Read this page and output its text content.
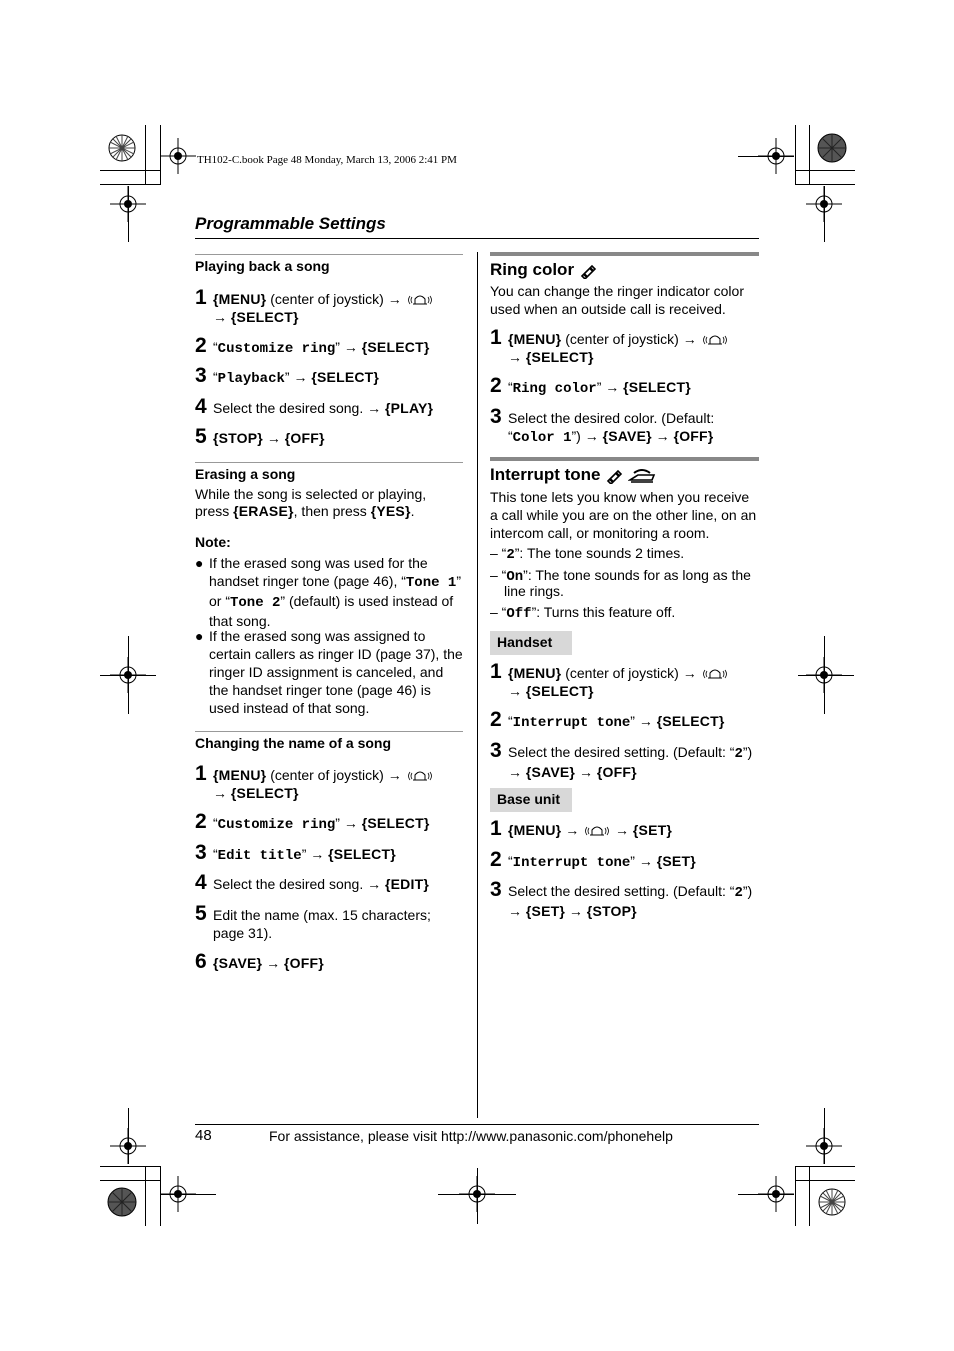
TH102-C.book Page 48 Monday, March 13, 2006 2:41 PM
Programmable Settings
Playing back a song
1 {MENU} (center of joystick) →
→ {SELECT}
2 “Customize ring” → {SELECT}
3 “Playback” → {SELECT}
4 Select the desired song. → {PLAY}
5 {STOP} → {OFF}
Erasing a song
While the song is selected or playing,
press {ERASE}, then press {YES}.
Note:
● If the erased song was used for the
handset ringer tone (page 46), “Tone 1”
or “Tone 2” (default) is used instead of
that song.
● If the erased song was assigned to
certain callers as ringer ID (page 37), the
ringer ID assignment is canceled, and
the handset ringer tone (page 46) is
used instead of that song.
Changing the name of a song
1 {MENU} (center of joystick) →
→ {SELECT}
2 “Customize ring” → {SELECT}
3 “Edit title” → {SELECT}
4 Select the desired song. → {EDIT}
5 Edit the name (max. 15 characters;
page 31).
6 {SAVE} → {OFF}
Ring color
You can change the ringer indicator color
used when an outside call is received.
1 {MENU} (center of joystick) →
→ {SELECT}
2 “Ring color” → {SELECT}
3 Select the desired color. (Default:
“Color 1”) → {SAVE} → {OFF}
Interrupt tone
This tone lets you know when you receive
a call while you are on the other line, on an
intercom call, or monitoring a room.
– “2”: The tone sounds 2 times.
– “On”: The tone sounds for as long as the
line rings.
– “Off”: Turns this feature off.
Handset
1 {MENU} (center of joystick) →
→ {SELECT}
2 “Interrupt tone” → {SELECT}
3 Select the desired setting. (Default: “2”)
→ {SAVE} → {OFF}
Base unit
1 {MENU} →	→ {SET}
2 “Interrupt tone” → {SET}
3 Select the desired setting. (Default: “2”)
→ {SET} → {STOP}
48	For assistance, please visit http://www.panasonic.com/phonehelp
